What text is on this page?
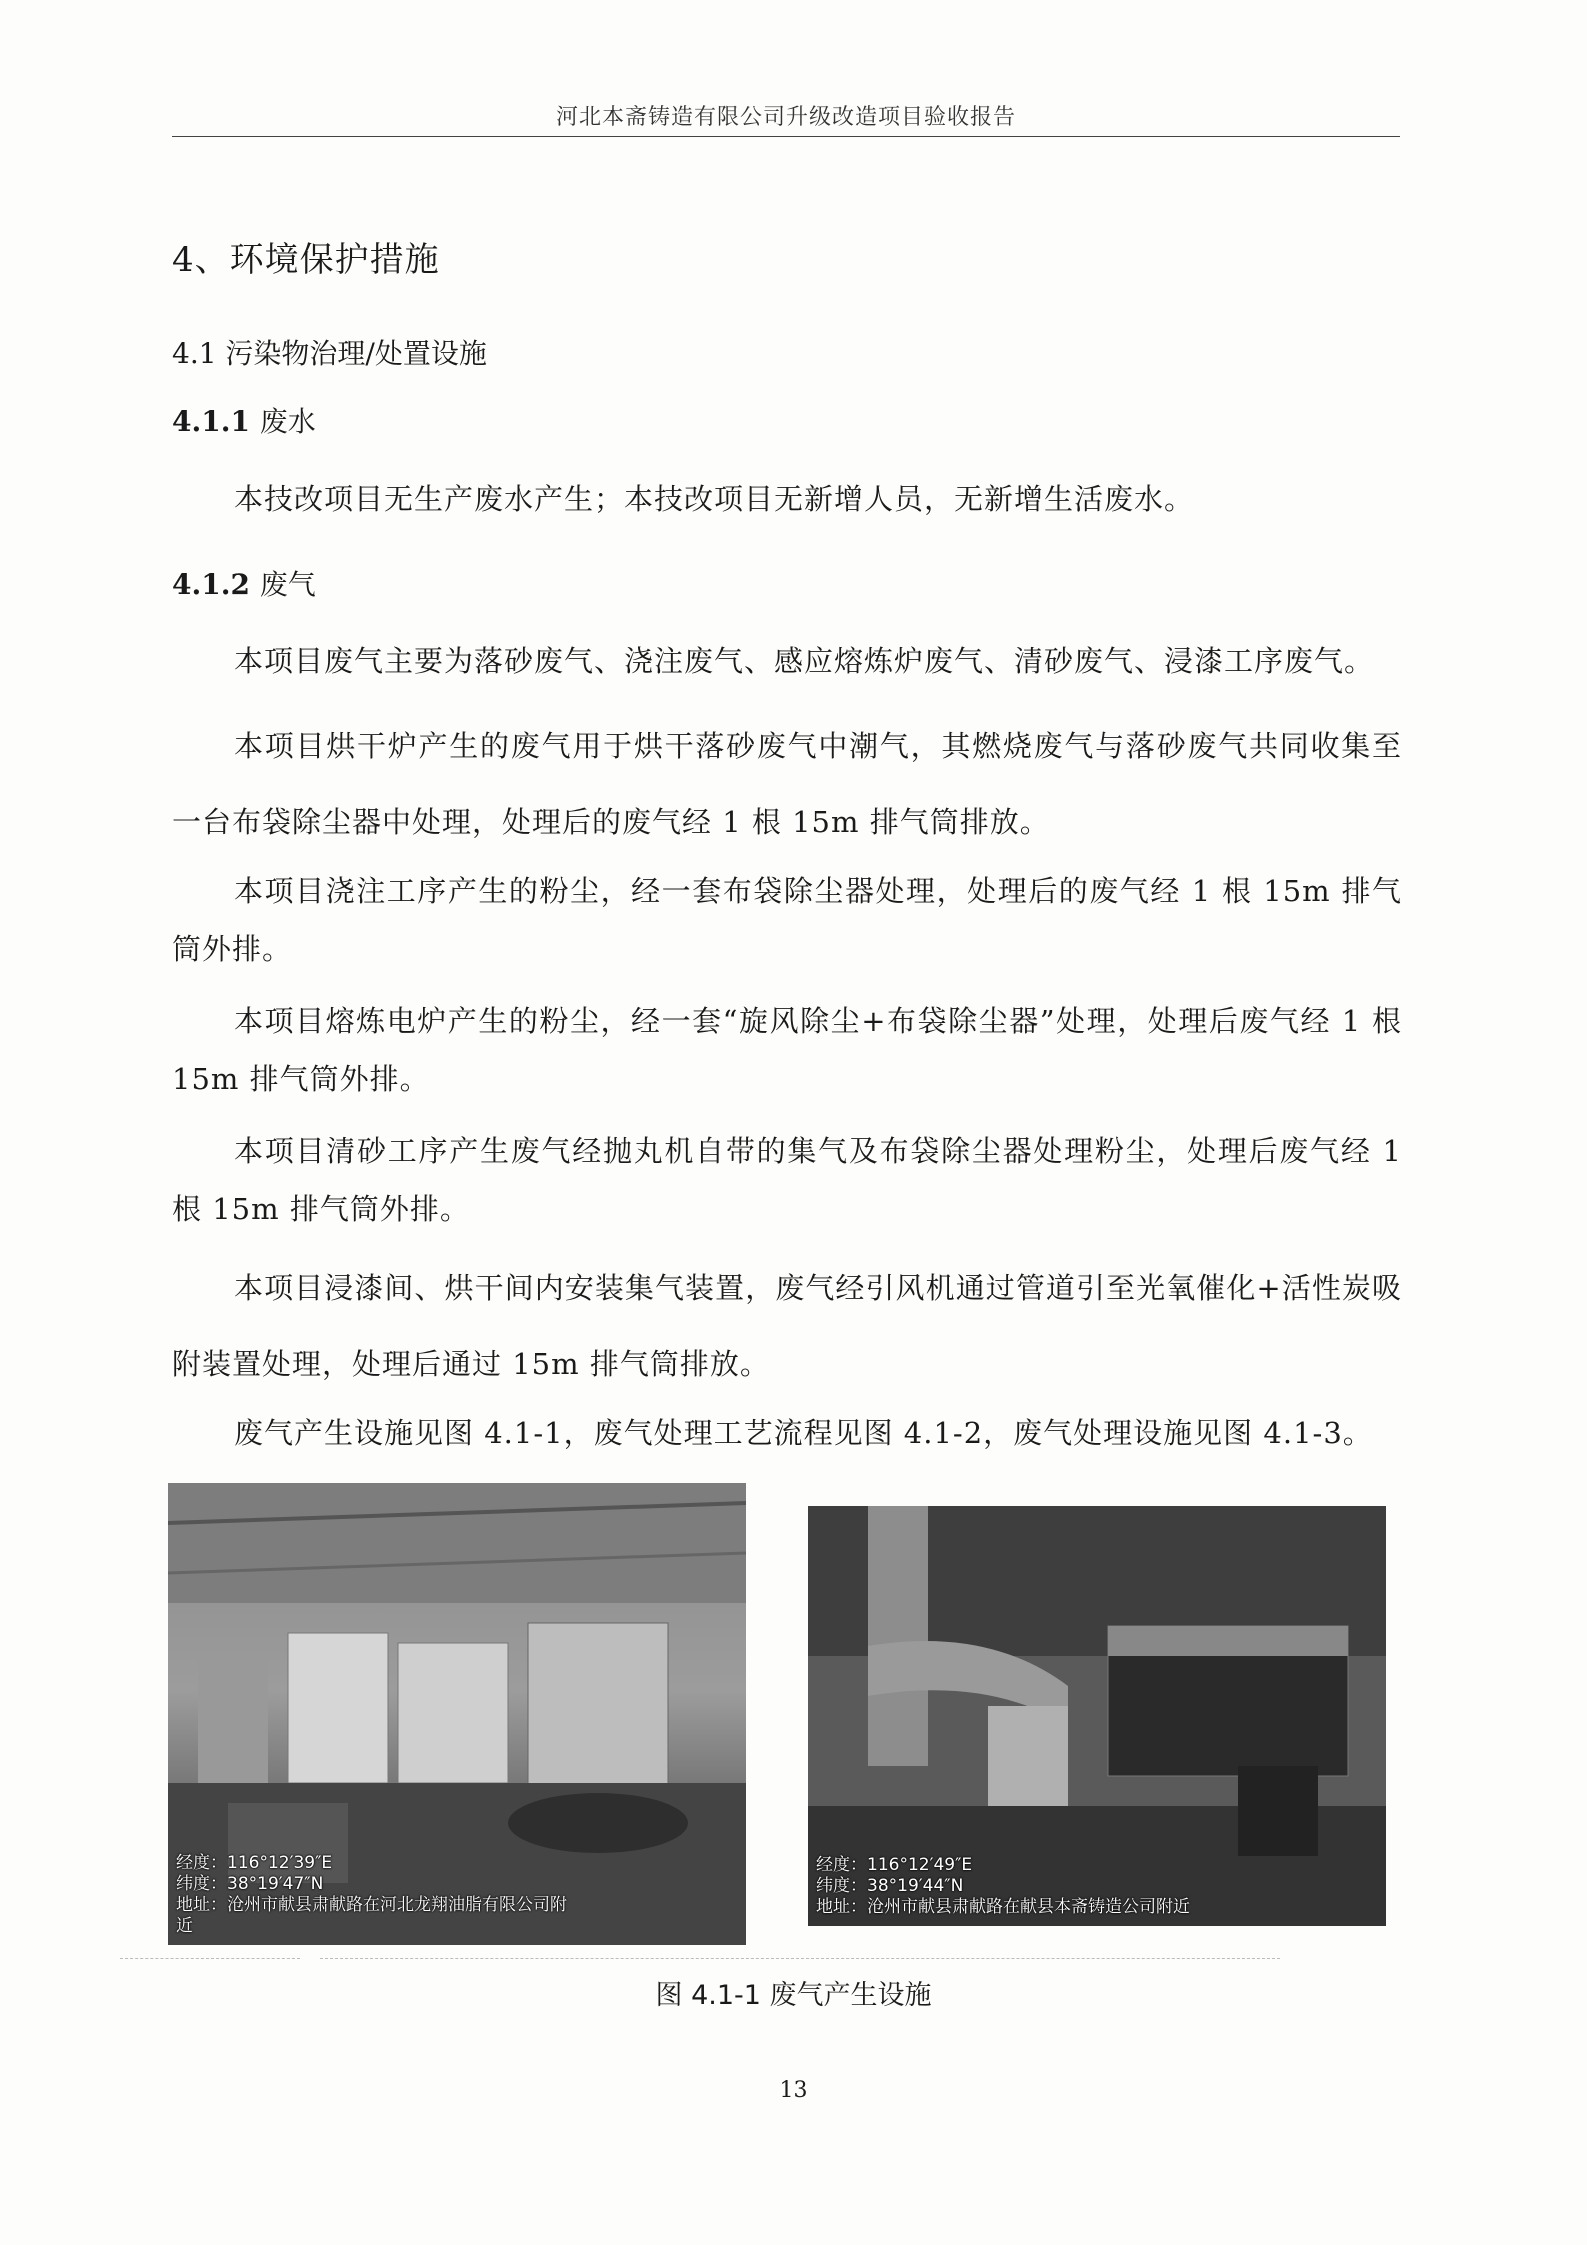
河北本斋铸造有限公司升级改造项目验收报告
4、环境保护措施
4.1 污染物治理/处置设施
4.1.1 废水
本技改项目无生产废水产生；本技改项目无新增人员，无新增生活废水。
4.1.2 废气
本项目废气主要为落砂废气、浇注废气、感应熔炼炉废气、清砂废气、浸漆工序废气。
本项目烘干炉产生的废气用于烘干落砂废气中潮气，其燃烧废气与落砂废气共同收集至一台布袋除尘器中处理，处理后的废气经 1 根 15m 排气筒排放。
本项目浇注工序产生的粉尘，经一套布袋除尘器处理，处理后的废气经 1 根 15m 排气筒外排。
本项目熔炼电炉产生的粉尘，经一套“旋风除尘+布袋除尘器”处理，处理后废气经 1 根 15m 排气筒外排。
本项目清砂工序产生废气经抛丸机自带的集气及布袋除尘器处理粉尘，处理后废气经 1 根 15m 排气筒外排。
本项目浸漆间、烘干间内安装集气装置，废气经引风机通过管道引至光氧催化+活性炭吸附装置处理，处理后通过 15m 排气筒排放。
废气产生设施见图 4.1-1，废气处理工艺流程见图 4.1-2，废气处理设施见图 4.1-3。
经度：116°12′39″E
纬度：38°19′47″N
地址：沧州市献县肃献路在河北龙翔油脂有限公司附
近
经度：116°12′49″E
纬度：38°19′44″N
地址：沧州市献县肃献路在献县本斋铸造公司附近
图 4.1-1 废气产生设施
13
